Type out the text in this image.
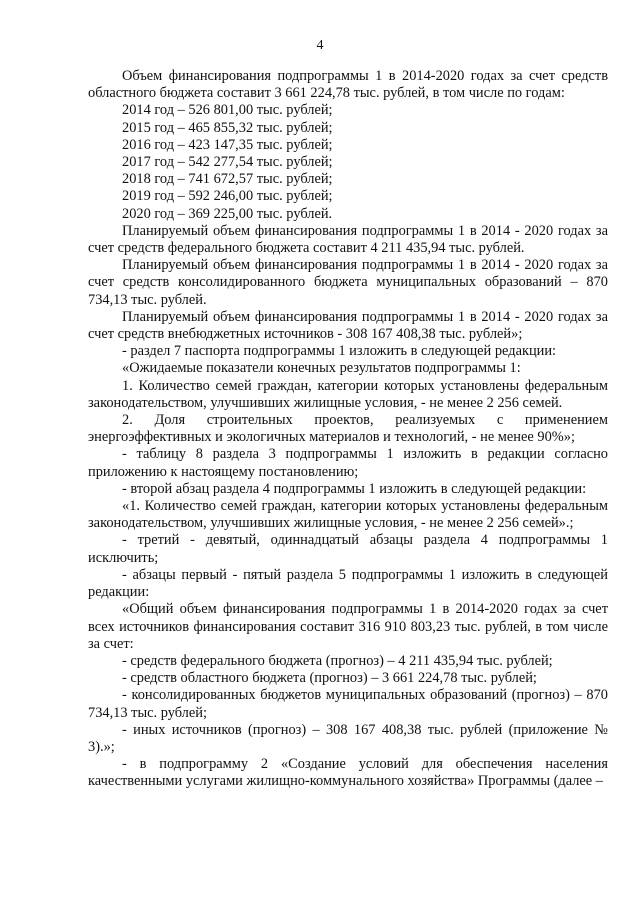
4

Объем финансирования подпрограммы 1 в 2014-2020 годах за счет средств областного бюджета составит 3 661 224,78 тыс. рублей, в том числе по годам:

2014 год – 526 801,00 тыс. рублей;

2015 год – 465 855,32 тыс. рублей;

2016 год – 423 147,35 тыс. рублей;

2017 год – 542 277,54 тыс. рублей;

2018 год – 741 672,57 тыс. рублей;

2019 год – 592 246,00 тыс. рублей;

2020 год – 369 225,00 тыс. рублей.

Планируемый объем финансирования подпрограммы 1 в 2014 - 2020 годах за счет средств федерального бюджета составит 4 211 435,94 тыс. рублей.

Планируемый объем финансирования подпрограммы 1 в 2014 - 2020 годах за счет средств консолидированного бюджета муниципальных образований – 870 734,13 тыс. рублей.

Планируемый объем финансирования подпрограммы 1 в 2014 - 2020 годах за счет средств внебюджетных источников - 308 167 408,38 тыс. рублей»;

- раздел 7 паспорта подпрограммы 1 изложить в следующей редакции:

«Ожидаемые показатели конечных результатов подпрограммы 1:

1. Количество семей граждан, категории которых установлены федеральным законодательством, улучшивших жилищные условия, - не менее 2 256 семей.

2. Доля строительных проектов, реализуемых с применением энергоэффективных и экологичных материалов и технологий, - не менее 90%»;

- таблицу 8 раздела 3 подпрограммы 1 изложить в редакции согласно приложению к настоящему постановлению;

- второй абзац раздела 4 подпрограммы 1 изложить в следующей редакции:

«1. Количество семей граждан, категории которых установлены федеральным законодательством, улучшивших жилищные условия, - не менее 2 256 семей».;

- третий - девятый, одиннадцатый абзацы раздела 4 подпрограммы 1 исключить;

- абзацы первый - пятый раздела 5 подпрограммы 1 изложить в следующей редакции:

«Общий объем финансирования подпрограммы 1 в 2014-2020 годах за счет всех источников финансирования составит 316 910 803,23 тыс. рублей, в том числе за счет:

- средств федерального бюджета (прогноз) – 4 211 435,94 тыс. рублей;

- средств областного бюджета (прогноз) – 3 661 224,78 тыс. рублей;

- консолидированных бюджетов муниципальных образований (прогноз) – 870 734,13 тыс. рублей;

- иных источников (прогноз) – 308 167 408,38 тыс. рублей (приложение № 3).»;

- в подпрограмму 2 «Создание условий для обеспечения населения качественными услугами жилищно-коммунального хозяйства» Программы (далее –
